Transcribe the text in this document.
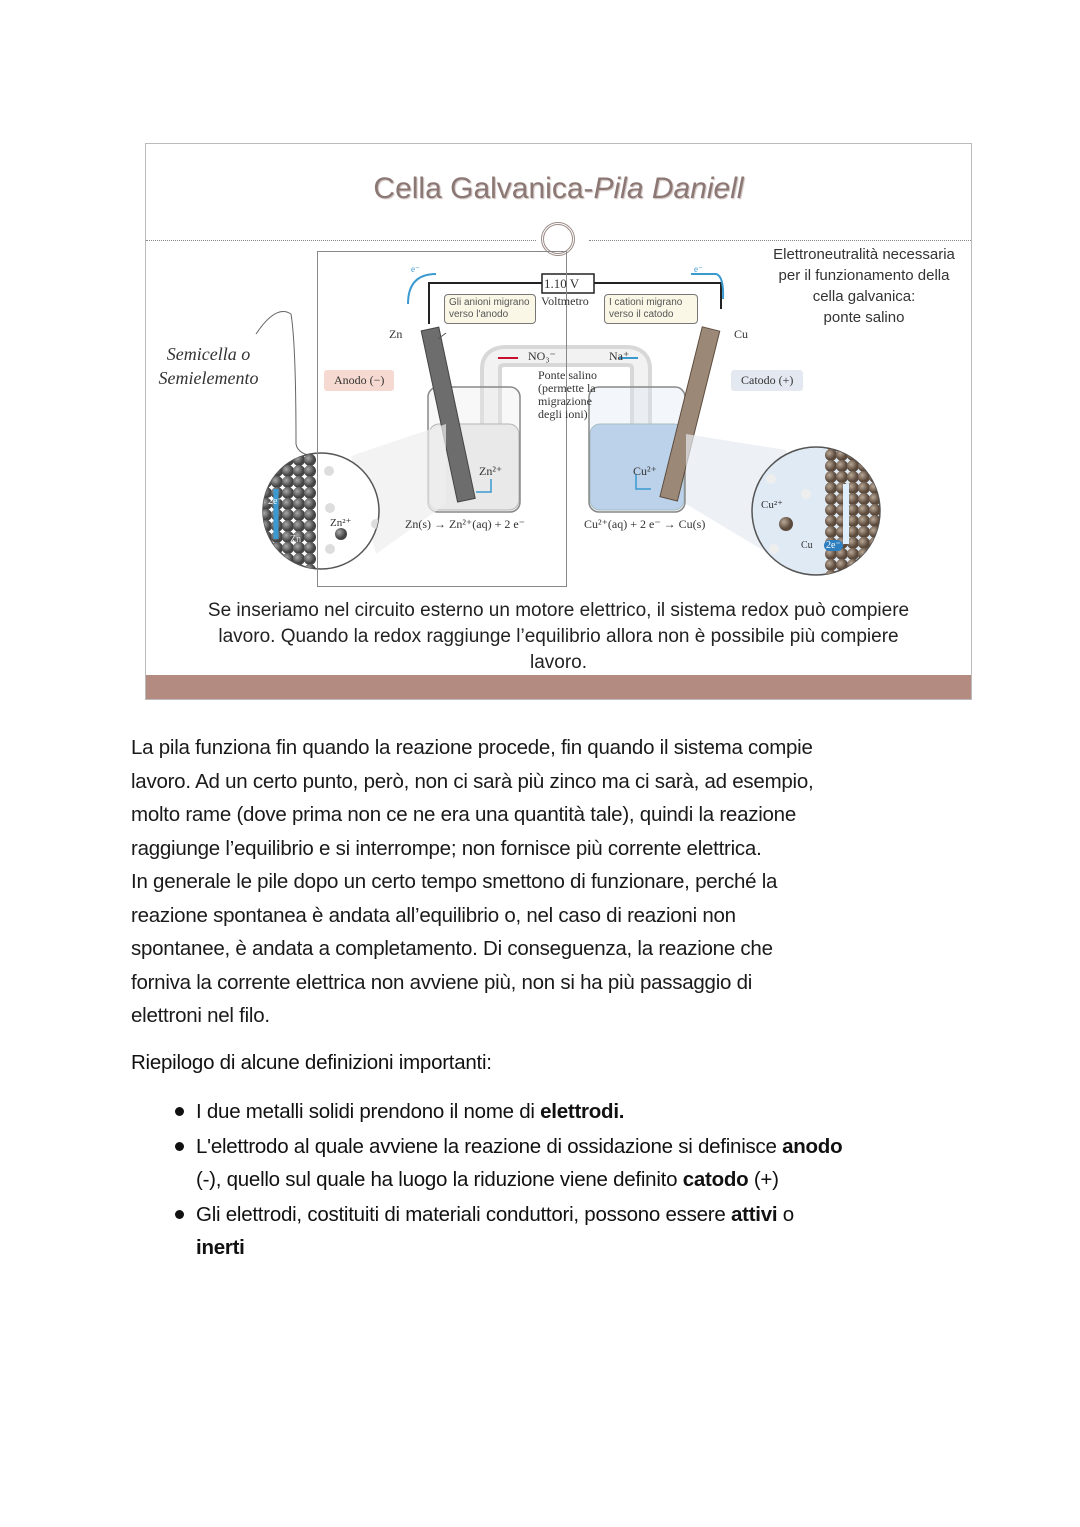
Cella Galvanica-Pila Daniell
Semicella o
Semielemento
1.10 V
Voltmetro
e⁻	e⁻
Gli anioni migrano
verso l'anodo
I cationi migrano
verso il catodo
Zn	Cu
Anodo (−)	Catodo (+)
NO₃⁻	Na⁺
Ponte salino
(permette la
migrazione
degli ioni)
Zn²⁺	Cu²⁺
Zn(s) → Zn²⁺(aq) + 2 e⁻	Cu²⁺(aq) + 2 e⁻ → Cu(s)
2e⁻
Zn
Zn²⁺
Cu²⁺
Cu 2e⁻
Elettroneutralità necessaria
per il funzionamento della
cella galvanica:
ponte salino
Se inseriamo nel circuito esterno un motore elettrico, il sistema redox può compiere
lavoro. Quando la redox raggiunge l’equilibrio allora non è possibile più compiere
lavoro.
La pila funziona fin quando la reazione procede, fin quando il sistema compie
lavoro. Ad un certo punto, però, non ci sarà più zinco ma ci sarà, ad esempio,
molto rame (dove prima non ce ne era una quantità tale), quindi la reazione
raggiunge l’equilibrio e si interrompe; non fornisce più corrente elettrica.
In generale le pile dopo un certo tempo smettono di funzionare, perché la
reazione spontanea è andata all’equilibrio o, nel caso di reazioni non
spontanee, è andata a completamento. Di conseguenza, la reazione che
forniva la corrente elettrica non avviene più, non si ha più passaggio di
elettroni nel filo.
Riepilogo di alcune definizioni importanti:
I due metalli solidi prendono il nome di elettrodi.
L'elettrodo al quale avviene la reazione di ossidazione si definisce anodo
(-), quello sul quale ha luogo la riduzione viene definito catodo (+)
Gli elettrodi, costituiti di materiali conduttori, possono essere attivi o
inerti
